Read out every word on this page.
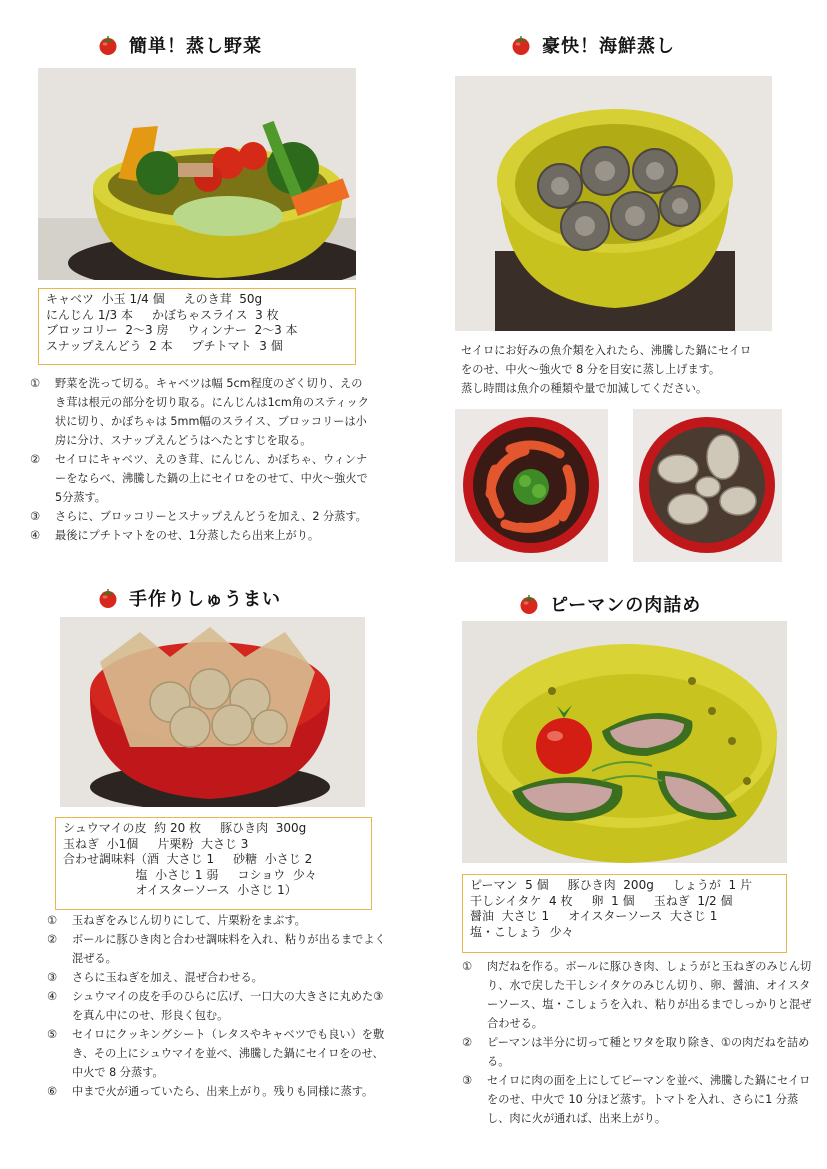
簡単！蒸し野菜
キャベツ  小玉 1/4 個     えのき茸  50g
にんじん 1/3 本     かぼちゃスライス  3 枚
ブロッコリー  2～3 房     ウィンナー  2～3 本
スナップえんどう  2 本     プチトマト  3 個
①	野菜を洗って切る。キャベツは幅 5cm程度のざく切り、えのき茸は根元の部分を切り取る。にんじんは1cm角のスティック状に切り、かぼちゃは 5mm幅のスライス、ブロッコリーは小房に分け、スナップえんどうはへたとすじを取る。
②	セイロにキャベツ、えのき茸、にんじん、かぼちゃ、ウィンナーをならべ、沸騰した鍋の上にセイロをのせて、中火～強火で5分蒸す。
③	さらに、ブロッコリーとスナップえんどうを加え、2 分蒸す。
④	最後にプチトマトをのせ、1分蒸したら出来上がり。
豪快！海鮮蒸し
セイロにお好みの魚介類を入れたら、沸騰した鍋にセイロ
をのせ、中火～強火で 8 分を目安に蒸し上げます。
蒸し時間は魚介の種類や量で加減してください。
手作りしゅうまい
シュウマイの皮  約 20 枚     豚ひき肉  300g
玉ねぎ  小1個     片栗粉  大さじ 3
合わせ調味料（酒  大さじ 1     砂糖  小さじ 2
塩  小さじ 1 弱     コショウ  少々
オイスターソース  小さじ 1）
①	玉ねぎをみじん切りにして、片栗粉をまぶす。
②	ボールに豚ひき肉と合わせ調味料を入れ、粘りが出るまでよく混ぜる。
③	さらに玉ねぎを加え、混ぜ合わせる。
④	シュウマイの皮を手のひらに広げ、一口大の大きさに丸めた③を真ん中にのせ、形良く包む。
⑤	セイロにクッキングシート（レタスやキャベツでも良い）を敷き、その上にシュウマイを並べ、沸騰した鍋にセイロをのせ、中火で 8 分蒸す。
⑥	中まで火が通っていたら、出来上がり。残りも同様に蒸す。
ピーマンの肉詰め
ピーマン  5 個     豚ひき肉  200g     しょうが  1 片
干しシイタケ  4 枚     卵  1 個     玉ねぎ  1/2 個
醤油  大さじ 1     オイスターソース  大さじ 1
塩・こしょう  少々
①	肉だねを作る。ボールに豚ひき肉、しょうがと玉ねぎのみじん切り、水で戻した干しシイタケのみじん切り、卵、醤油、オイスターソース、塩・こしょうを入れ、粘りが出るまでしっかりと混ぜ合わせる。
②	ピーマンは半分に切って種とワタを取り除き、①の肉だねを詰める。
③	セイロに肉の面を上にしてピーマンを並べ、沸騰した鍋にセイロをのせ、中火で 10 分ほど蒸す。トマトを入れ、さらに1 分蒸し、肉に火が通れば、出来上がり。
